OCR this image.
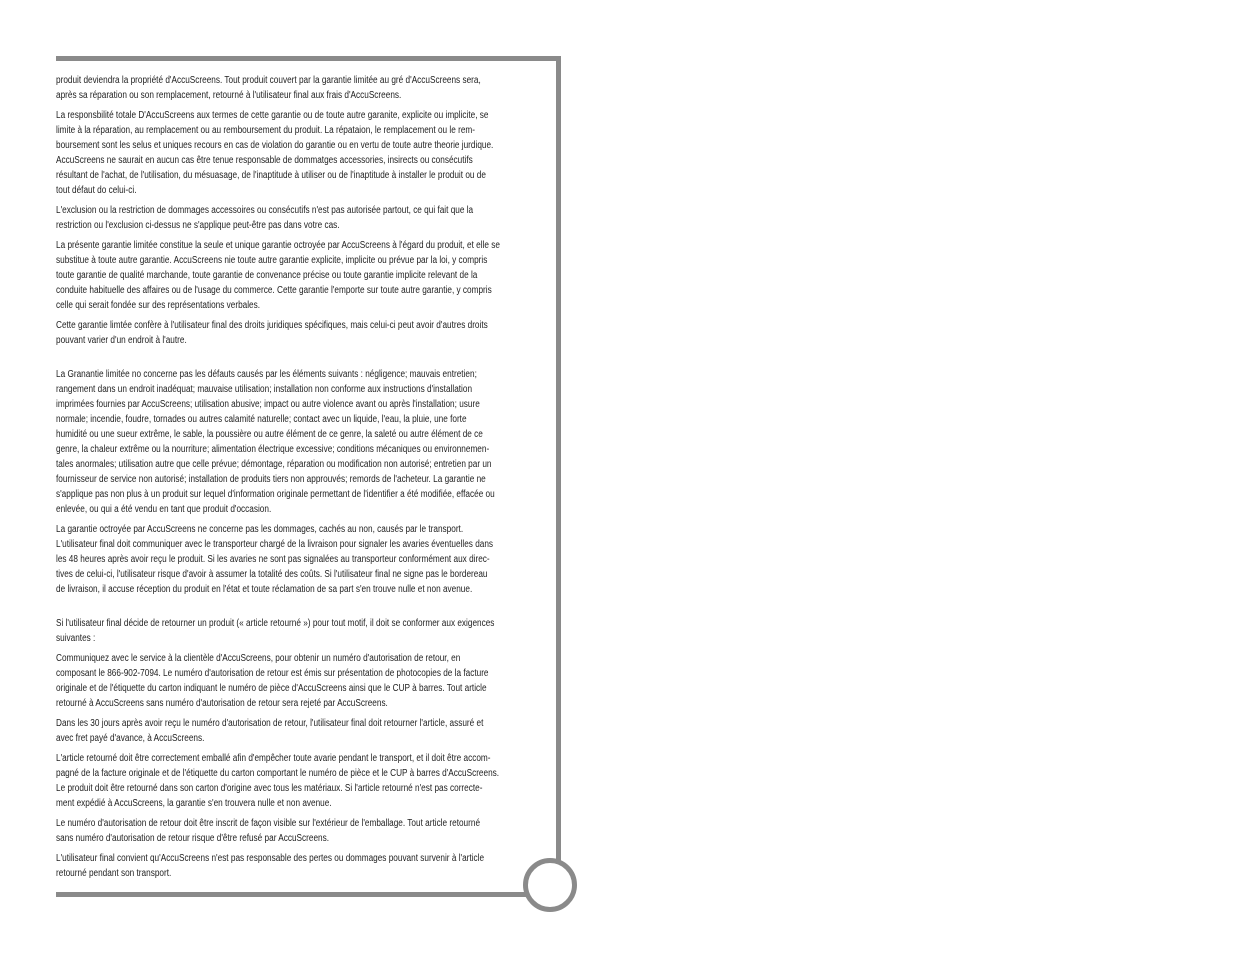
produit deviendra la propriété d'AccuScreens. Tout produit couvert par la garantie limitée au gré d'AccuScreens sera,
après sa réparation ou son remplacement, retourné à l'utilisateur final aux frais d'AccuScreens.

La responsbilité totale D'AccuScreens aux termes de cette garantie ou de toute autre garanite, explicite ou implicite, se
limite à la réparation, au remplacement ou au remboursement du produit. La répataion, le remplacement ou le rem-
boursement sont les selus et uniques recours en cas de violation do garantie ou en vertu de toute autre theorie jurdique.
AccuScreens ne saurait en aucun cas être tenue responsable de dommatges accessories, insirects ou consécutifs
résultant de l'achat, de l'utilisation, du mésuasage, de l'inaptitude à utiliser ou de l'inaptitude à installer le produit ou de
tout défaut do celui-ci.

L'exclusion ou la restriction de dommages accessoires ou consécutifs n'est pas autorisée partout, ce qui fait que la
restriction ou l'exclusion ci-dessus ne s'applique peut-être pas dans votre cas.

La présente garantie limitée constitue la seule et unique garantie octroyée par AccuScreens à l'égard du produit, et elle se
substitue à toute autre garantie. AccuScreens nie toute autre garantie explicite, implicite ou prévue par la loi, y compris
toute garantie de qualité marchande, toute garantie de convenance précise ou toute garantie implicite relevant de la
conduite habituelle des affaires ou de l'usage du commerce. Cette garantie l'emporte sur toute autre garantie, y compris
celle qui serait fondée sur des représentations verbales.

Cette garantie limtée confère à l'utilisateur final des droits juridiques spécifiques, mais celui-ci peut avoir d'autres droits
pouvant varier d'un endroit à l'autre.

La Granantie limitée no concerne pas les défauts causés par les éléments suivants : négligence; mauvais entretien;
rangement dans un endroit inadéquat; mauvaise utilisation; installation non conforme aux instructions d'installation
imprimées fournies par AccuScreens; utilisation abusive; impact ou autre violence avant ou après l'installation; usure
normale; incendie, foudre, tornades ou autres calamité naturelle; contact avec un liquide, l'eau, la pluie, une forte
humidité ou une sueur extrême, le sable, la poussière ou autre élément de ce genre, la saleté ou autre élément de ce
genre, la chaleur extrême ou la nourriture; alimentation électrique excessive; conditions mécaniques ou environnemen-
tales anormales; utilisation autre que celle prévue; démontage, réparation ou modification non autorisé; entretien par un
fournisseur de service non autorisé; installation de produits tiers non approuvés; remords de l'acheteur. La garantie ne
s'applique pas non plus à un produit sur lequel d'information originale permettant de l'identifier a été modifiée, effacée ou
enlevée, ou qui a été vendu en tant que produit d'occasion.

La garantie octroyée par AccuScreens ne concerne pas les dommages, cachés au non, causés par le transport.
L'utilisateur final doit communiquer avec le transporteur chargé de la livraison pour signaler les avaries éventuelles dans
les 48 heures après avoir reçu le produit. Si les avaries ne sont pas signalées au transporteur conformément aux direc-
tives de celui-ci, l'utilisateur risque d'avoir à assumer la totalité des coûts. Si l'utilisateur final ne signe pas le bordereau
de livraison, il accuse réception du produit en l'état et toute réclamation de sa part s'en trouve nulle et non avenue.

Si l'utilisateur final décide de retourner un produit (« article retourné ») pour tout motif, il doit se conformer aux exigences
suivantes :

Communiquez avec le service à la clientèle d'AccuScreens, pour obtenir un numéro d'autorisation de retour, en
composant le 866-902-7094. Le numéro d'autorisation de retour est émis sur présentation de photocopies de la facture
originale et de l'étiquette du carton indiquant le numéro de pièce d'AccuScreens ainsi que le CUP à barres. Tout article
retourné à AccuScreens sans numéro d'autorisation de retour sera rejeté par AccuScreens.

Dans les 30 jours après avoir reçu le numéro d'autorisation de retour, l'utilisateur final doit retourner l'article, assuré et
avec fret payé d'avance, à AccuScreens.

L'article retourné doit être correctement emballé afin d'empêcher toute avarie pendant le transport, et il doit être accom-
pagné de la facture originale et de l'étiquette du carton comportant le numéro de pièce et le CUP à barres d'AccuScreens.
Le produit doit être retourné dans son carton d'origine avec tous les matériaux. Si l'article retourné n'est pas correcte-
ment expédié à AccuScreens, la garantie s'en trouvera nulle et non avenue.

Le numéro d'autorisation de retour doit être inscrit de façon visible sur l'extérieur de l'emballage. Tout article retourné
sans numéro d'autorisation de retour risque d'être refusé par AccuScreens.

L'utilisateur final convient qu'AccuScreens n'est pas responsable des pertes ou dommages pouvant survenir à l'article
retourné pendant son transport.
